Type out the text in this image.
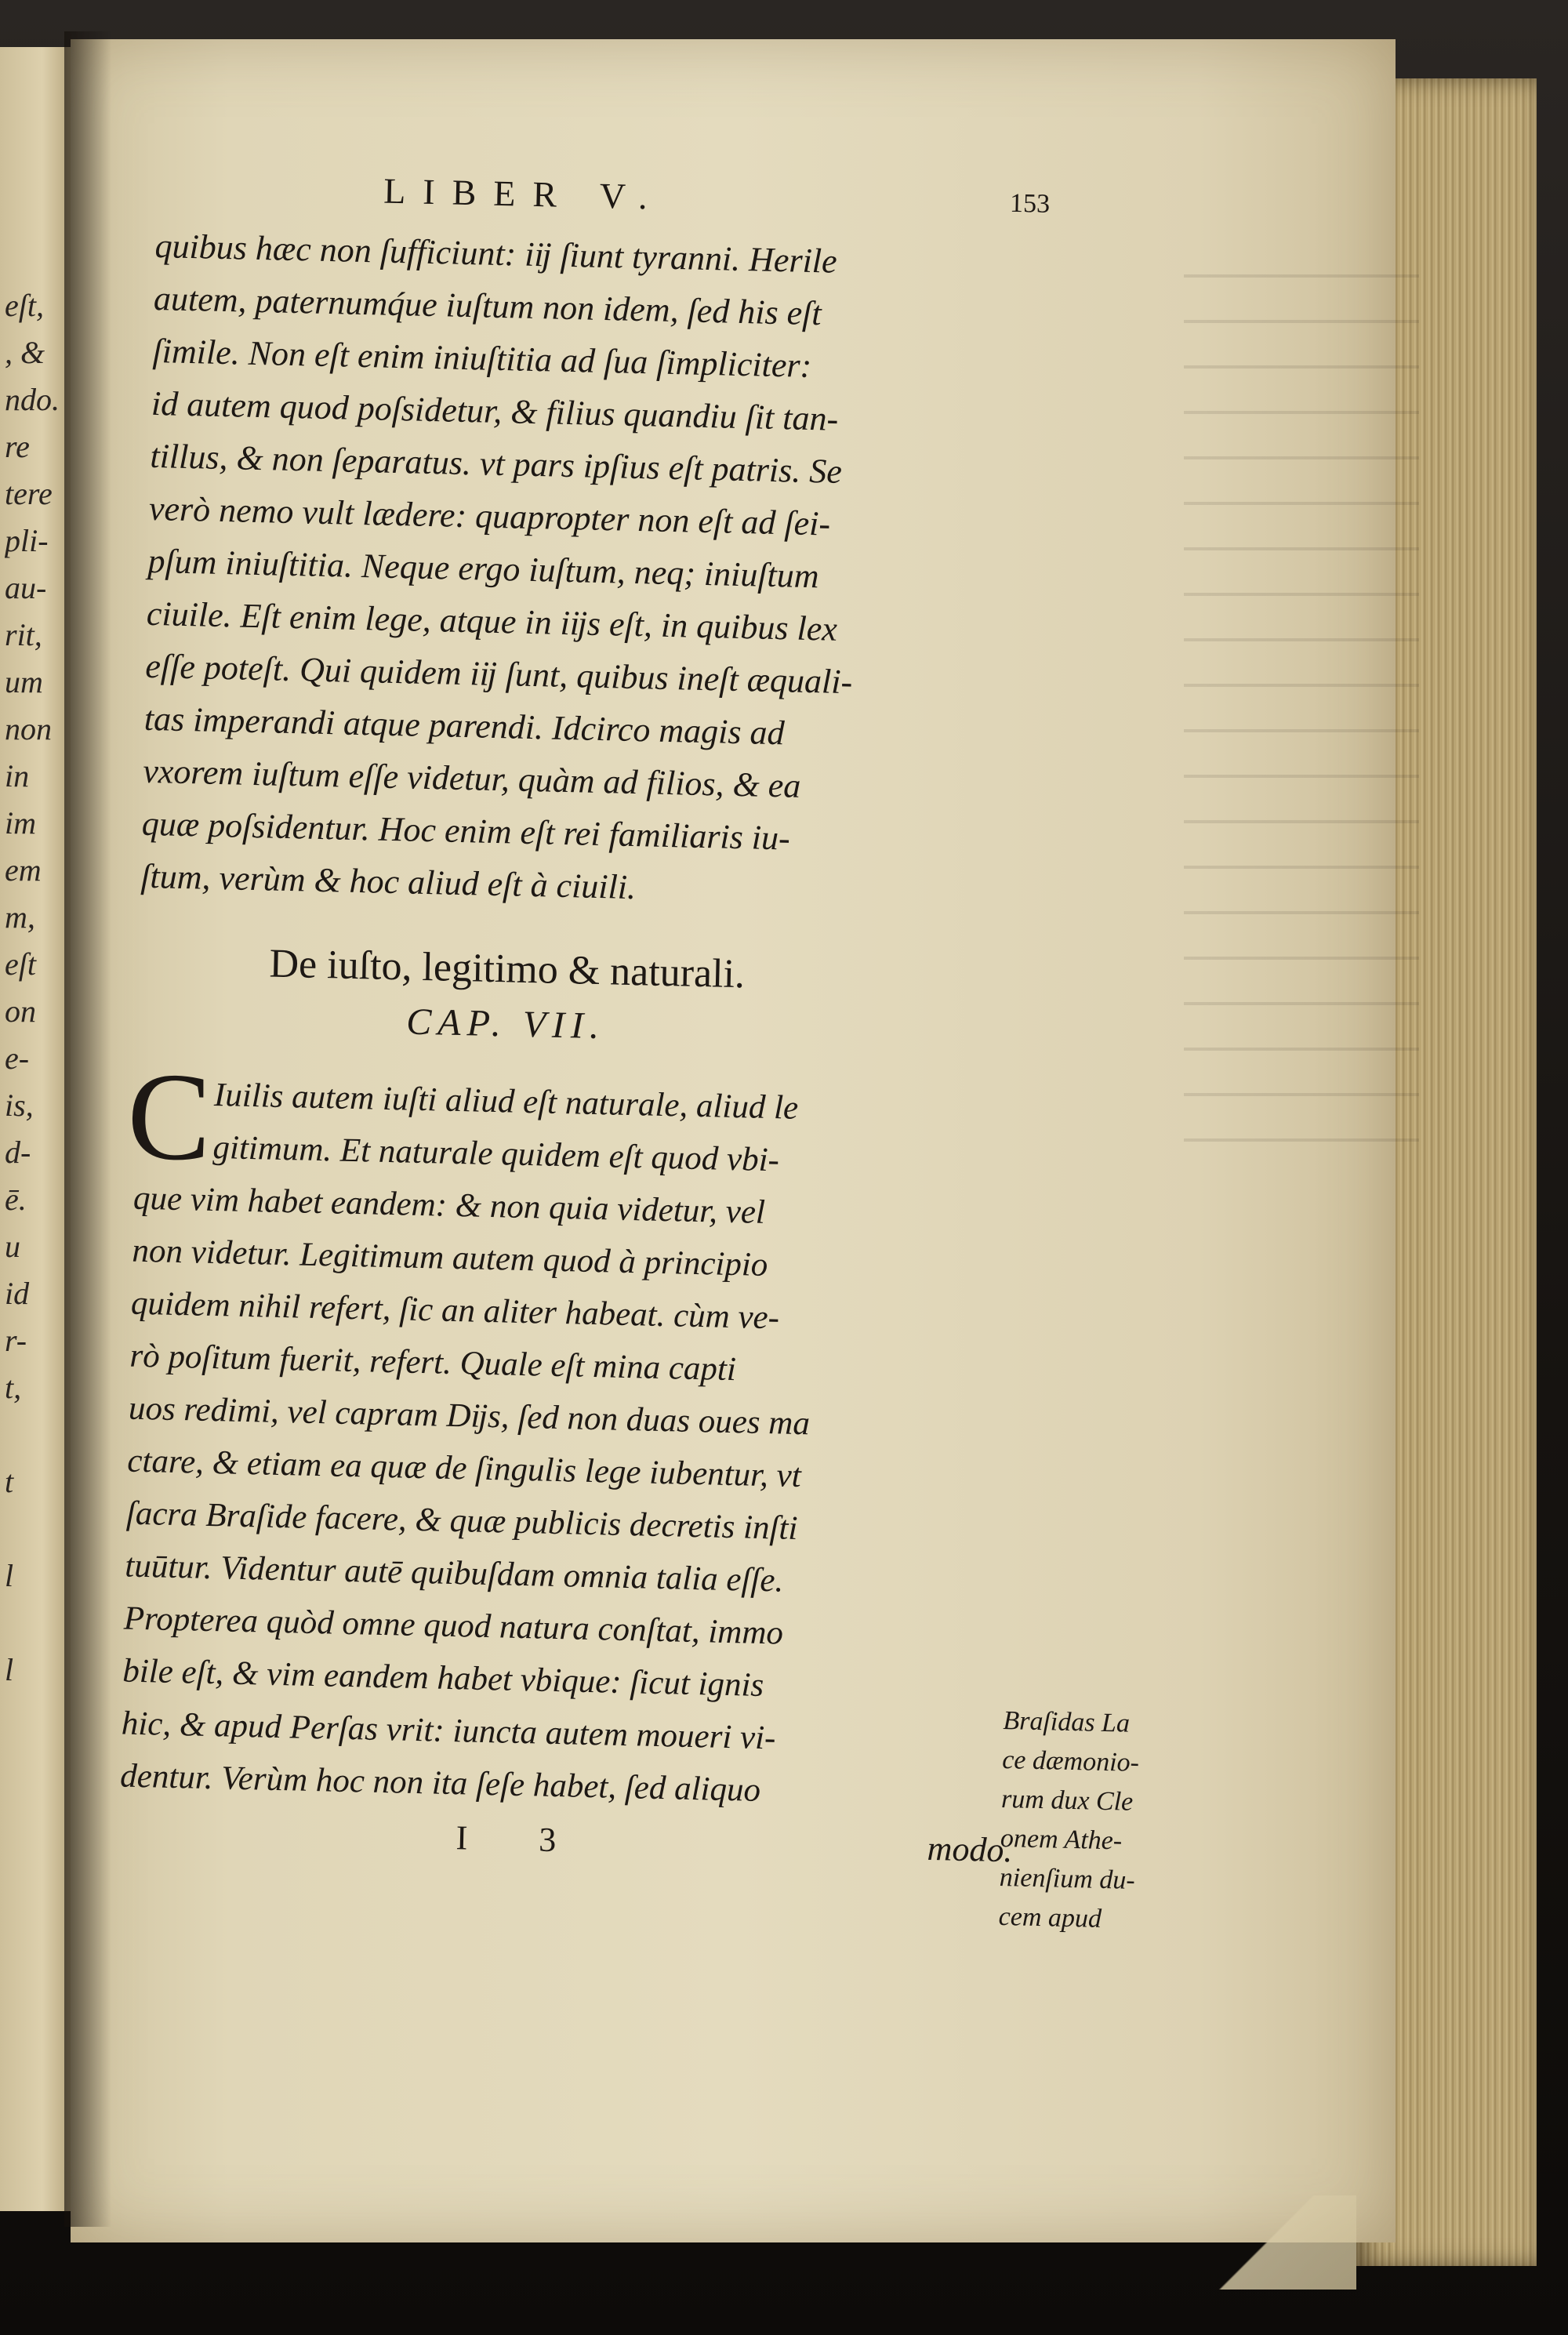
eſt,
, &
ndo.
re
tere
pli-
au-
rit,
um
non
in
im
em
m,
eſt
on
e-
is,
d-
ē.
u
id
r-
t,
t
l
l
LIBER V.	153
quibus hæc non ſufficiunt: iĳ ſiunt tyranni. Herile
autem, paternumq́ue iuſtum non idem, ſed his eſt
ſimile. Non eſt enim iniuſtitia ad ſua ſimpliciter:
id autem quod poſsidetur, & filius quandiu ſit tan-
tillus, & non ſeparatus. vt pars ipſius eſt patris. Se
verò nemo vult lædere: quapropter non eſt ad ſei-
pſum iniuſtitia. Neque ergo iuſtum, neq; iniuſtum
ciuile. Eſt enim lege, atque in iĳs eſt, in quibus lex
eſſe poteſt. Qui quidem iĳ ſunt, quibus ineſt æquali-
tas imperandi atque parendi. Idcirco magis ad
vxorem iuſtum eſſe videtur, quàm ad filios, & ea
quæ poſsidentur. Hoc enim eſt rei familiaris iu-
ſtum, verùm & hoc aliud eſt à ciuili.
De iuſto, legitimo & naturali.
CAP. VII.
C Iuilis autem iuſti aliud eſt naturale, aliud le
gitimum. Et naturale quidem eſt quod vbi-
que vim habet eandem: & non quia videtur, vel
non videtur. Legitimum autem quod à principio
quidem nihil refert, ſic an aliter habeat. cùm ve-
rò poſitum fuerit, refert. Quale eſt mina capti
uos redimi, vel capram Dĳs, ſed non duas oues ma
ctare, & etiam ea quæ de ſingulis lege iubentur, vt
ſacra Braſide facere, & quæ publicis decretis inſti
tuūtur. Videntur autē quibuſdam omnia talia eſſe.
Propterea quòd omne quod natura conſtat, immo
bile eſt, & vim eandem habet vbique: ſicut ignis
hic, & apud Perſas vrit: iuncta autem moueri vi-
dentur. Verùm hoc non ita ſeſe habet, ſed aliquo
I 3	modo.
Braſidas La
ce dæmonio-
rum dux Cle
onem Athe-
nienſium du-
cem apud
